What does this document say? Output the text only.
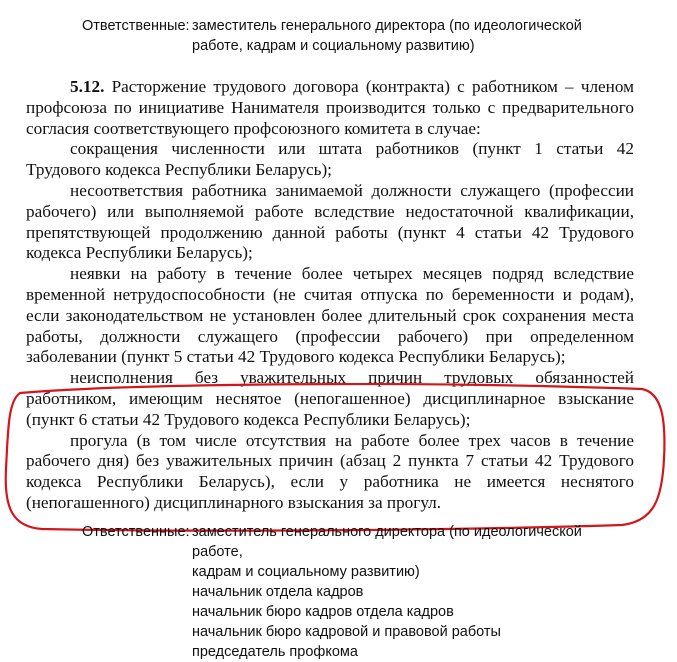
Ответственные: заместитель генерального директора (по идеологической работе, кадрам и социальному развитию)

5.12. Расторжение трудового договора (контракта) с работником – членом профсоюза по инициативе Нанимателя производится только с предварительного согласия соответствующего профсоюзного комитета в случае:

сокращения численности или штата работников (пункт 1 статьи 42 Трудового кодекса Республики Беларусь);

несоответствия работника занимаемой должности служащего (профессии рабочего) или выполняемой работе вследствие недостаточной квалификации, препятствующей продолжению данной работы (пункт 4 статьи 42 Трудового кодекса Республики Беларусь);

неявки на работу в течение более четырех месяцев подряд вследствие временной нетрудоспособности (не считая отпуска по беременности и родам), если законодательством не установлен более длительный срок сохранения места работы, должности служащего (профессии рабочего) при определенном заболевании (пункт 5 статьи 42 Трудового кодекса Республики Беларусь);

неисполнения без уважительных причин трудовых обязанностей работником, имеющим неснятое (непогашенное) дисциплинарное взыскание (пункт 6 статьи 42 Трудового кодекса Республики Беларусь);

прогула (в том числе отсутствия на работе более трех часов в течение рабочего дня) без уважительных причин (абзац 2 пункта 7 статьи 42 Трудового кодекса Республики Беларусь), если у работника не имеется неснятого (непогашенного) дисциплинарного взыскания за прогул.

Ответственные: заместитель генерального директора (по идеологической работе,
кадрам и социальному развитию)
начальник отдела кадров
начальник бюро кадров отдела кадров
начальник бюро кадровой и правовой работы
председатель профкома
